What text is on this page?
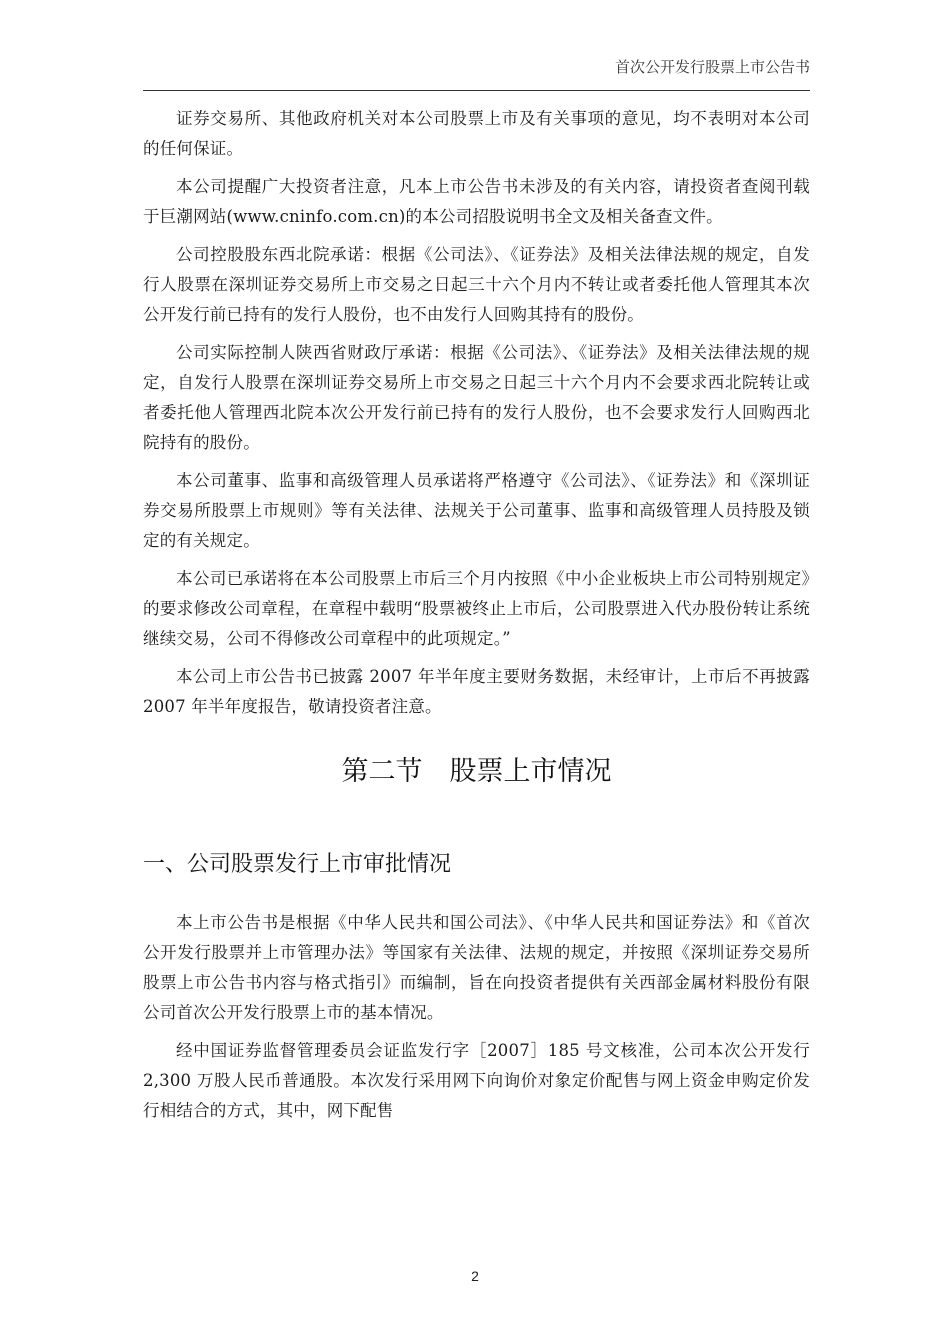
首次公开发行股票上市公告书

证券交易所、其他政府机关对本公司股票上市及有关事项的意见，均不表明对本公司的任何保证。

本公司提醒广大投资者注意，凡本上市公告书未涉及的有关内容，请投资者查阅刊载于巨潮网站(www.cninfo.com.cn)的本公司招股说明书全文及相关备查文件。

公司控股股东西北院承诺：根据《公司法》、《证券法》及相关法律法规的规定，自发行人股票在深圳证券交易所上市交易之日起三十六个月内不转让或者委托他人管理其本次公开发行前已持有的发行人股份，也不由发行人回购其持有的股份。

公司实际控制人陕西省财政厅承诺：根据《公司法》、《证券法》及相关法律法规的规定，自发行人股票在深圳证券交易所上市交易之日起三十六个月内不会要求西北院转让或者委托他人管理西北院本次公开发行前已持有的发行人股份，也不会要求发行人回购西北院持有的股份。

本公司董事、监事和高级管理人员承诺将严格遵守《公司法》、《证券法》和《深圳证券交易所股票上市规则》等有关法律、法规关于公司董事、监事和高级管理人员持股及锁定的有关规定。

本公司已承诺将在本公司股票上市后三个月内按照《中小企业板块上市公司特别规定》的要求修改公司章程，在章程中载明“股票被终止上市后，公司股票进入代办股份转让系统继续交易，公司不得修改公司章程中的此项规定。”

本公司上市公告书已披露 2007 年半年度主要财务数据，未经审计，上市后不再披露 2007 年半年度报告，敬请投资者注意。

第二节　股票上市情况
一、公司股票发行上市审批情况

本上市公告书是根据《中华人民共和国公司法》、《中华人民共和国证券法》和《首次公开发行股票并上市管理办法》等国家有关法律、法规的规定，并按照《深圳证券交易所股票上市公告书内容与格式指引》而编制，旨在向投资者提供有关西部金属材料股份有限公司首次公开发行股票上市的基本情况。

经中国证券监督管理委员会证监发行字［2007］185 号文核准，公司本次公开发行 2,300 万股人民币普通股。本次发行采用网下向询价对象定价配售与网上资金申购定价发行相结合的方式，其中，网下配售

2
